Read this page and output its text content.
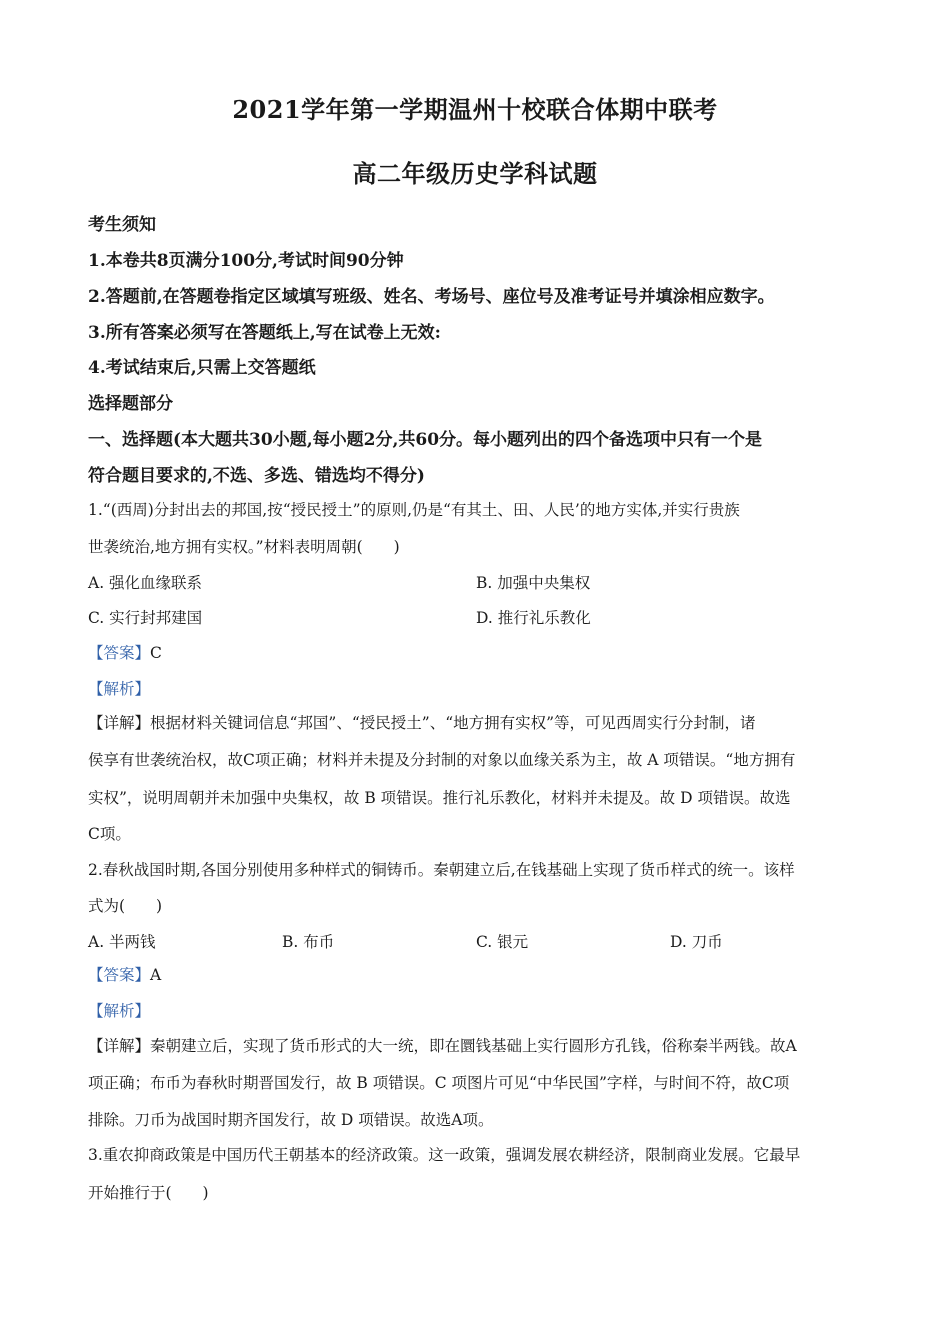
2021学年第一学期温州十校联合体期中联考
高二年级历史学科试题
考生须知
1.本卷共8页满分100分,考试时间90分钟
2.答题前,在答题卷指定区域填写班级、姓名、考场号、座位号及准考证号并填涂相应数字。
3.所有答案必须写在答题纸上,写在试卷上无效:
4.考试结束后,只需上交答题纸
选择题部分
一、选择题(本大题共30小题,每小题2分,共60分。每小题列出的四个备选项中只有一个是
符合题目要求的,不选、多选、错选均不得分)
1.“(西周)分封出去的邦国,按“授民授土”的原则,仍是“有其土、田、人民’的地方实体,并实行贵族
世袭统治,地方拥有实权。”材料表明周朝(　　)
A. 强化血缘联系	B. 加强中央集权
C. 实行封邦建国	D. 推行礼乐教化
【答案】C
【解析】
【详解】根据材料关键词信息“邦国”、“授民授土”、“地方拥有实权”等，可见西周实行分封制，诸
侯享有世袭统治权，故C项正确；材料并未提及分封制的对象以血缘关系为主，故 A 项错误。“地方拥有
实权”，说明周朝并未加强中央集权，故 B 项错误。推行礼乐教化，材料并未提及。故 D 项错误。故选
C项。
2.春秋战国时期,各国分别使用多种样式的铜铸币。秦朝建立后,在钱基础上实现了货币样式的统一。该样
式为(　　)
A. 半两钱	B. 布币	C. 银元	D. 刀币
【答案】A
【解析】
【详解】秦朝建立后，实现了货币形式的大一统，即在圜钱基础上实行圆形方孔钱，俗称秦半两钱。故A
项正确；布币为春秋时期晋国发行，故 B 项错误。C 项图片可见“中华民国”字样，与时间不符，故C项
排除。刀币为战国时期齐国发行，故 D 项错误。故选A项。
3.重农抑商政策是中国历代王朝基本的经济政策。这一政策，强调发展农耕经济，限制商业发展。它最早
开始推行于(　　)
